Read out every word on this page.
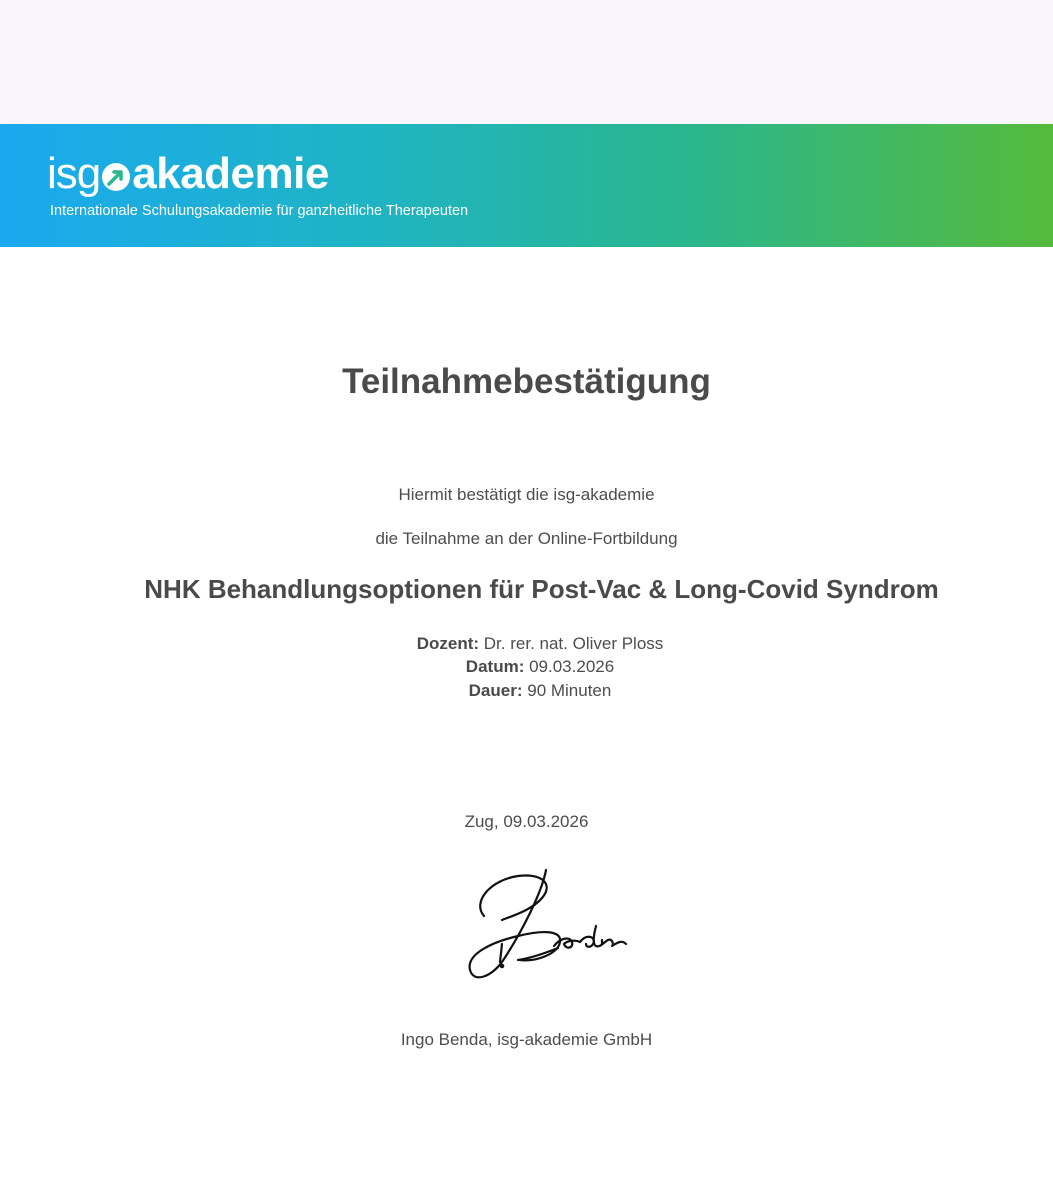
isg akademie
Internationale Schulungsakademie für ganzheitliche Therapeuten
Teilnahmebestätigung
Hiermit bestätigt die isg-akademie
die Teilnahme an der Online-Fortbildung
NHK Behandlungsoptionen für Post-Vac & Long-Covid Syndrom
Dozent: Dr. rer. nat. Oliver Ploss
Datum: 09.03.2026
Dauer: 90 Minuten
Zug, 09.03.2026
Ingo Benda, isg-akademie GmbH
